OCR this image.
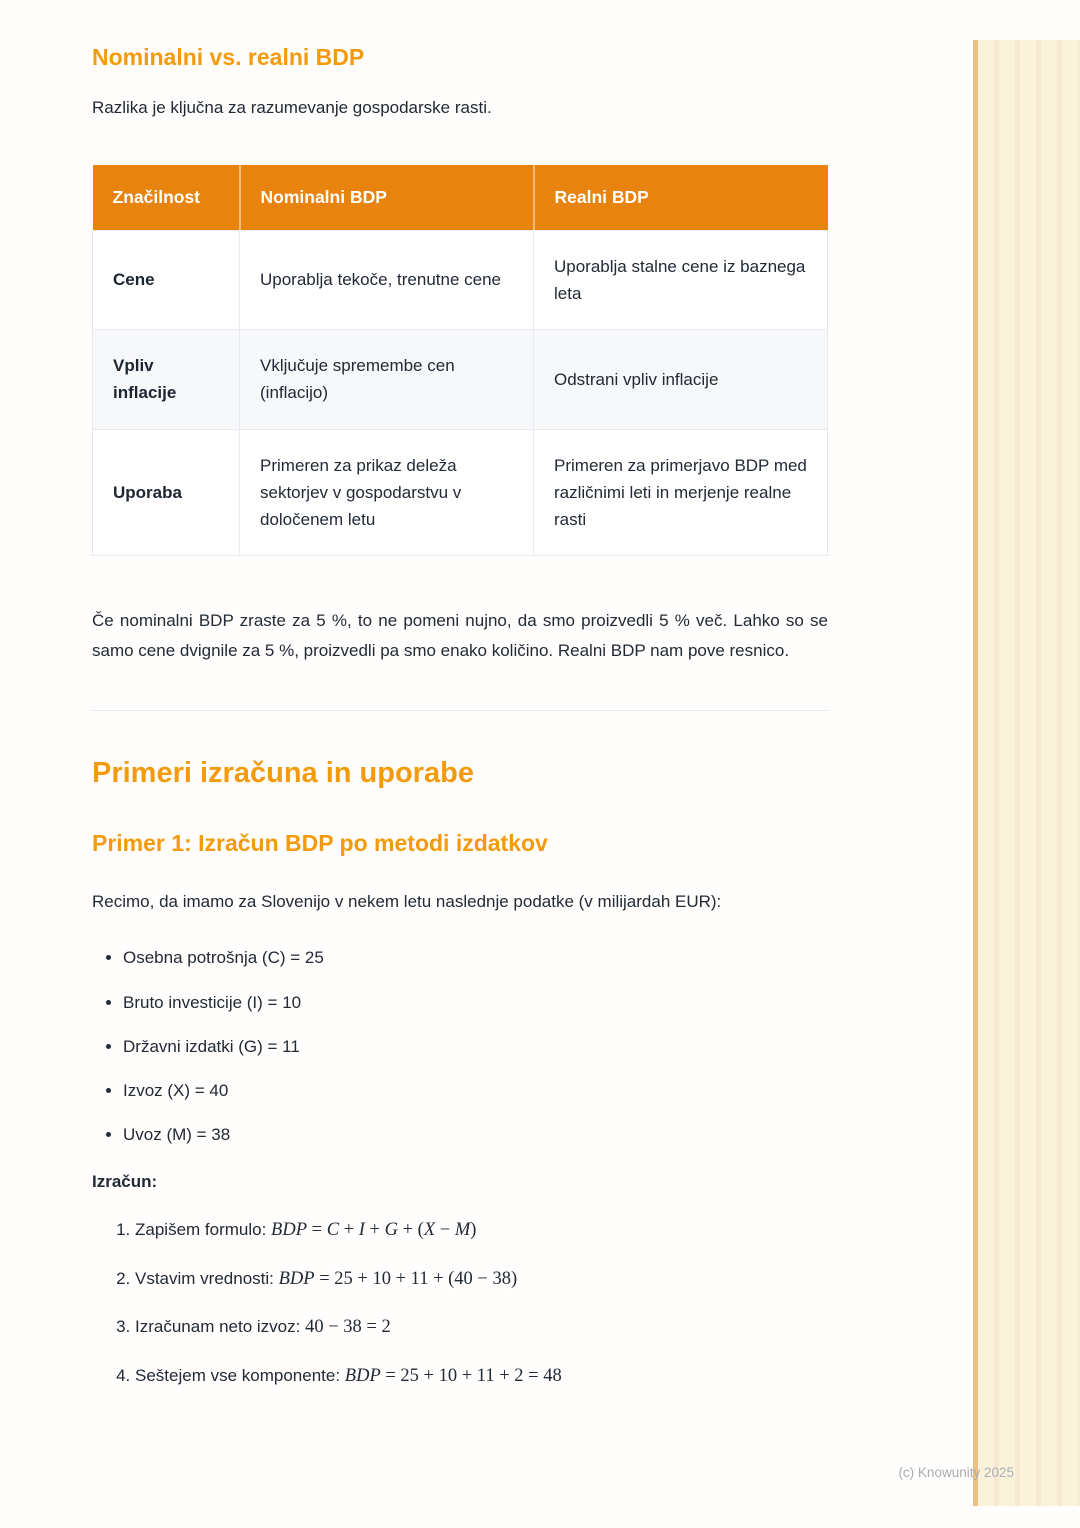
Nominalni vs. realni BDP

Razlika je ključna za razumevanje gospodarske rasti.

Značilnost	Nominalni BDP	Realni BDP
Cene	Uporablja tekoče, trenutne cene	Uporablja stalne cene iz baznega leta
Vpliv inflacije	Vključuje spremembe cen (inflacijo)	Odstrani vpliv inflacije
Uporaba	Primeren za prikaz deleža sektorjev v gospodarstvu v določenem letu	Primeren za primerjavo BDP med različnimi leti in merjenje realne rasti

Če nominalni BDP zraste za 5 %, to ne pomeni nujno, da smo proizvedli 5 % več. Lahko so se samo cene dvignile za 5 %, proizvedli pa smo enako količino. Realni BDP nam pove resnico.

Primeri izračuna in uporabe
Primer 1: Izračun BDP po metodi izdatkov

Recimo, da imamo za Slovenijo v nekem letu naslednje podatke (v milijardah EUR):

• Osebna potrošnja (C) = 25
• Bruto investicije (I) = 10
• Državni izdatki (G) = 11
• Izvoz (X) = 40
• Uvoz (M) = 38

Izračun:

1. Zapišem formulo: BDP = C + I + G + (X − M)
2. Vstavim vrednosti: BDP = 25 + 10 + 11 + (40 − 38)
3. Izračunam neto izvoz: 40 − 38 = 2
4. Seštejem vse komponente: BDP = 25 + 10 + 11 + 2 = 48
(c) Knowunity 2025
